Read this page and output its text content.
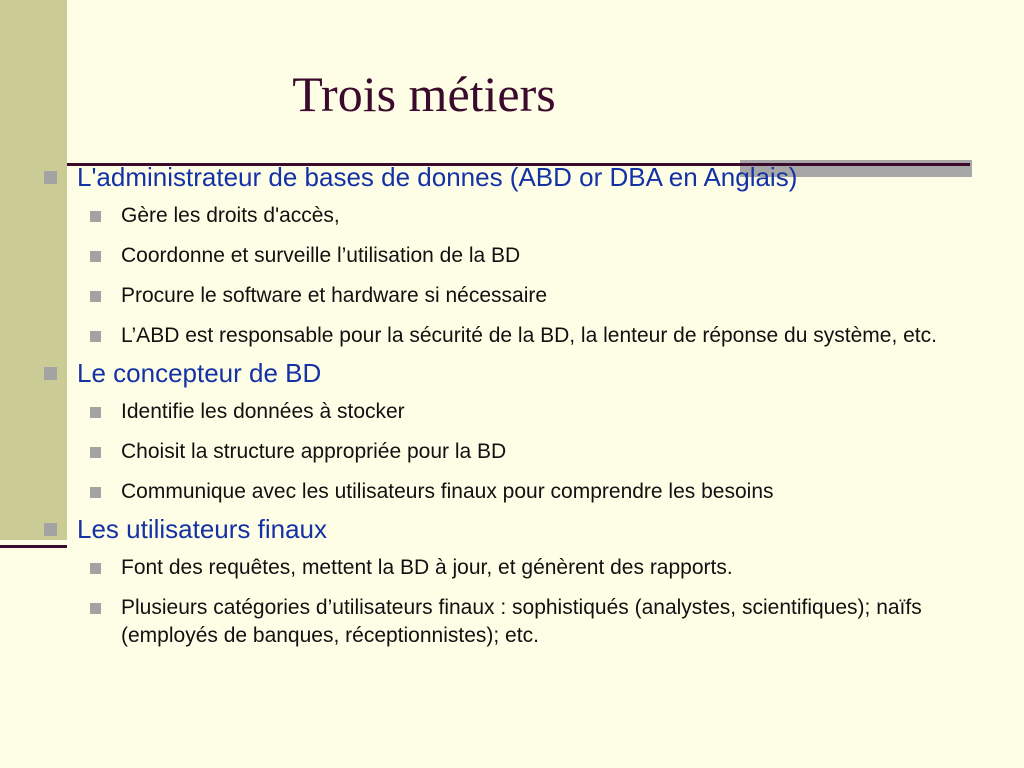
Trois métiers
L'administrateur de bases de donnes (ABD or DBA en Anglais)
Gère les droits d'accès,
Coordonne et surveille l’utilisation de la BD
Procure le software et hardware si nécessaire
L’ABD est responsable pour la sécurité de la BD, la lenteur de réponse du système, etc.
Le concepteur de BD
Identifie les données à stocker
Choisit la structure appropriée pour la BD
Communique avec les utilisateurs finaux pour comprendre les besoins
Les utilisateurs finaux
Font des requêtes, mettent la BD à jour, et génèrent des rapports.
Plusieurs catégories d’utilisateurs finaux : sophistiqués (analystes, scientifiques); naïfs (employés de banques, réceptionnistes); etc.
